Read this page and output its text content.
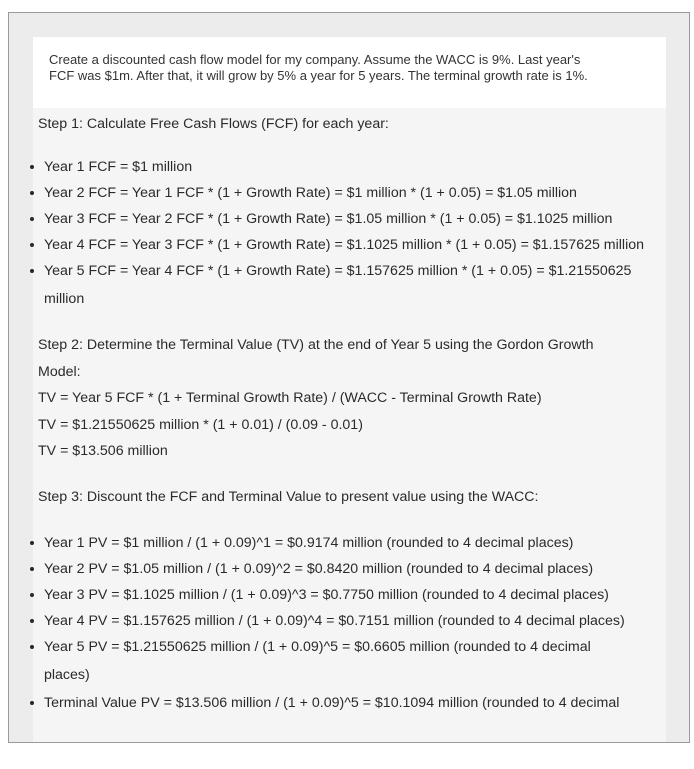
Create a discounted cash flow model for my company. Assume the WACC is 9%. Last year's
FCF was $1m. After that, it will grow by 5% a year for 5 years. The terminal growth rate is 1%.
Step 1: Calculate Free Cash Flows (FCF) for each year:
Year 1 FCF = $1 million
Year 2 FCF = Year 1 FCF * (1 + Growth Rate) = $1 million * (1 + 0.05) = $1.05 million
Year 3 FCF = Year 2 FCF * (1 + Growth Rate) = $1.05 million * (1 + 0.05) = $1.1025 million
Year 4 FCF = Year 3 FCF * (1 + Growth Rate) = $1.1025 million * (1 + 0.05) = $1.157625 million
Year 5 FCF = Year 4 FCF * (1 + Growth Rate) = $1.157625 million * (1 + 0.05) = $1.21550625
million
Step 2: Determine the Terminal Value (TV) at the end of Year 5 using the Gordon Growth
Model:
TV = Year 5 FCF * (1 + Terminal Growth Rate) / (WACC - Terminal Growth Rate)
TV = $1.21550625 million * (1 + 0.01) / (0.09 - 0.01)
TV = $13.506 million
Step 3: Discount the FCF and Terminal Value to present value using the WACC:
Year 1 PV = $1 million / (1 + 0.09)^1 = $0.9174 million (rounded to 4 decimal places)
Year 2 PV = $1.05 million / (1 + 0.09)^2 = $0.8420 million (rounded to 4 decimal places)
Year 3 PV = $1.1025 million / (1 + 0.09)^3 = $0.7750 million (rounded to 4 decimal places)
Year 4 PV = $1.157625 million / (1 + 0.09)^4 = $0.7151 million (rounded to 4 decimal places)
Year 5 PV = $1.21550625 million / (1 + 0.09)^5 = $0.6605 million (rounded to 4 decimal
places)
Terminal Value PV = $13.506 million / (1 + 0.09)^5 = $10.1094 million (rounded to 4 decimal
